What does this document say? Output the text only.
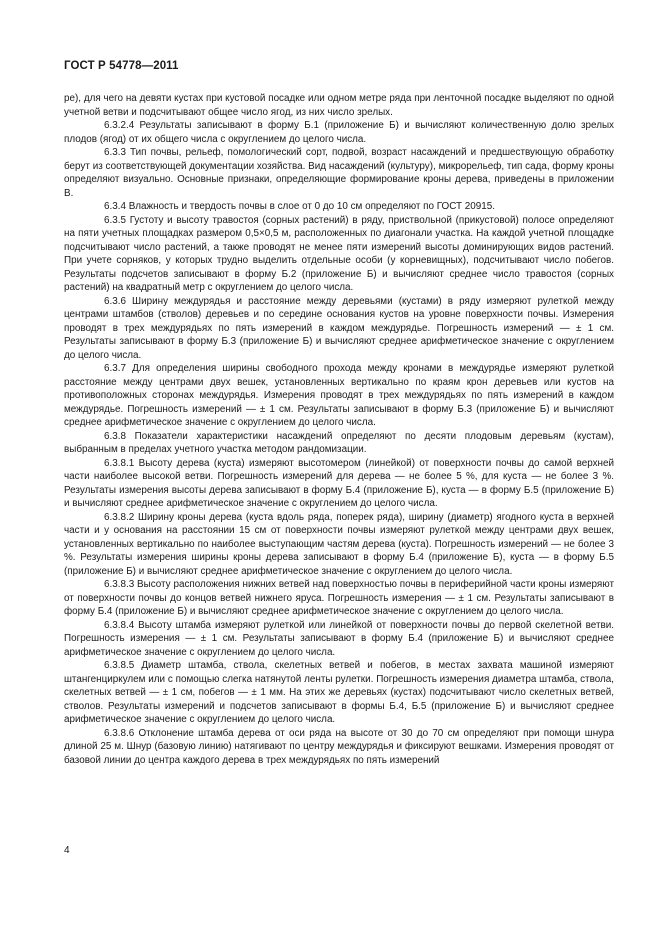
ГОСТ Р 54778—2011

ре), для чего на девяти кустах при кустовой посадке или одном метре ряда при ленточной посадке выделяют по одной учетной ветви и подсчитывают общее число ягод, из них число зрелых.

6.3.2.4 Результаты записывают в форму Б.1 (приложение Б) и вычисляют количественную долю зрелых плодов (ягод) от их общего числа с округлением до целого числа.

6.3.3 Тип почвы, рельеф, помологический сорт, подвой, возраст насаждений и предшествующую обработку берут из соответствующей документации хозяйства. Вид насаждений (культуру), микрорельеф, тип сада, форму кроны определяют визуально. Основные признаки, определяющие формирование кроны дерева, приведены в приложении В.

6.3.4 Влажность и твердость почвы в слое от 0 до 10 см определяют по ГОСТ 20915.

6.3.5 Густоту и высоту травостоя (сорных растений) в ряду, приствольной (прикустовой) полосе определяют на пяти учетных площадках размером 0,5×0,5 м, расположенных по диагонали участка. На каждой учетной площадке подсчитывают число растений, а также проводят не менее пяти измерений высоты доминирующих видов растений. При учете сорняков, у которых трудно выделить отдельные особи (у корневищных), подсчитывают число побегов. Результаты подсчетов записывают в форму Б.2 (приложение Б) и вычисляют среднее число травостоя (сорных растений) на квадратный метр с округлением до целого числа.

6.3.6 Ширину междурядья и расстояние между деревьями (кустами) в ряду измеряют рулеткой между центрами штамбов (стволов) деревьев и по середине основания кустов на уровне поверхности почвы. Измерения проводят в трех междурядьях по пять измерений в каждом междурядье. Погрешность измерений — ± 1 см. Результаты записывают в форму Б.3 (приложение Б) и вычисляют среднее арифметическое значение с округлением до целого числа.

6.3.7 Для определения ширины свободного прохода между кронами в междурядье измеряют рулеткой расстояние между центрами двух вешек, установленных вертикально по краям крон деревьев или кустов на противоположных сторонах междурядья. Измерения проводят в трех междурядьях по пять измерений в каждом междурядье. Погрешность измерений — ± 1 см. Результаты записывают в форму Б.3 (приложение Б) и вычисляют среднее арифметическое значение с округлением до целого числа.

6.3.8 Показатели характеристики насаждений определяют по десяти плодовым деревьям (кустам), выбранным в пределах учетного участка методом рандомизации.

6.3.8.1 Высоту дерева (куста) измеряют высотомером (линейкой) от поверхности почвы до самой верхней части наиболее высокой ветви. Погрешность измерений для дерева — не более 5 %, для куста — не более 3 %. Результаты измерения высоты дерева записывают в форму Б.4 (приложение Б), куста — в форму Б.5 (приложение Б) и вычисляют среднее арифметическое значение с округлением до целого числа.

6.3.8.2 Ширину кроны дерева (куста вдоль ряда, поперек ряда), ширину (диаметр) ягодного куста в верхней части и у основания на расстоянии 15 см от поверхности почвы измеряют рулеткой между центрами двух вешек, установленных вертикально по наиболее выступающим частям дерева (куста). Погрешность измерений — не более 3 %. Результаты измерения ширины кроны дерева записывают в форму Б.4 (приложение Б), куста — в форму Б.5 (приложение Б) и вычисляют среднее арифметическое значение с округлением до целого числа.

6.3.8.3 Высоту расположения нижних ветвей над поверхностью почвы в периферийной части кроны измеряют от поверхности почвы до концов ветвей нижнего яруса. Погрешность измерения — ± 1 см. Результаты записывают в форму Б.4 (приложение Б) и вычисляют среднее арифметическое значение с округлением до целого числа.

6.3.8.4 Высоту штамба измеряют рулеткой или линейкой от поверхности почвы до первой скелетной ветви. Погрешность измерения — ± 1 см. Результаты записывают в форму Б.4 (приложение Б) и вычисляют среднее арифметическое значение с округлением до целого числа.

6.3.8.5 Диаметр штамба, ствола, скелетных ветвей и побегов, в местах захвата машиной измеряют штангенциркулем или с помощью слегка натянутой ленты рулетки. Погрешность измерения диаметра штамба, ствола, скелетных ветвей — ± 1 см, побегов — ± 1 мм. На этих же деревьях (кустах) подсчитывают число скелетных ветвей, стволов. Результаты измерений и подсчетов записывают в формы Б.4, Б.5 (приложение Б) и вычисляют среднее арифметическое значение с округлением до целого числа.

6.3.8.6 Отклонение штамба дерева от оси ряда на высоте от 30 до 70 см определяют при помощи шнура длиной 25 м. Шнур (базовую линию) натягивают по центру междурядья и фиксируют вешками. Измерения проводят от базовой линии до центра каждого дерева в трех междурядьях по пять измерений

4
